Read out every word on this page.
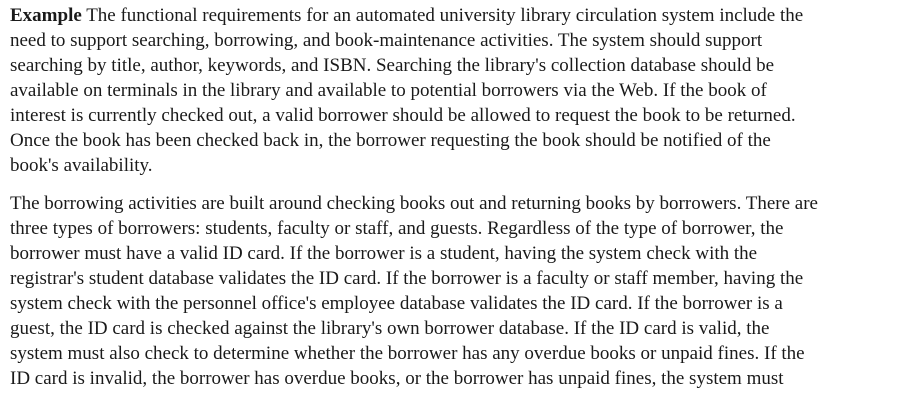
Example The functional requirements for an automated university library circulation system include the
need to support searching, borrowing, and book-maintenance activities. The system should support
searching by title, author, keywords, and ISBN. Searching the library's collection database should be
available on terminals in the library and available to potential borrowers via the Web. If the book of
interest is currently checked out, a valid borrower should be allowed to request the book to be returned.
Once the book has been checked back in, the borrower requesting the book should be notified of the
book's availability.

The borrowing activities are built around checking books out and returning books by borrowers. There are
three types of borrowers: students, faculty or staff, and guests. Regardless of the type of borrower, the
borrower must have a valid ID card. If the borrower is a student, having the system check with the
registrar's student database validates the ID card. If the borrower is a faculty or staff member, having the
system check with the personnel office's employee database validates the ID card. If the borrower is a
guest, the ID card is checked against the library's own borrower database. If the ID card is valid, the
system must also check to determine whether the borrower has any overdue books or unpaid fines. If the
ID card is invalid, the borrower has overdue books, or the borrower has unpaid fines, the system must
